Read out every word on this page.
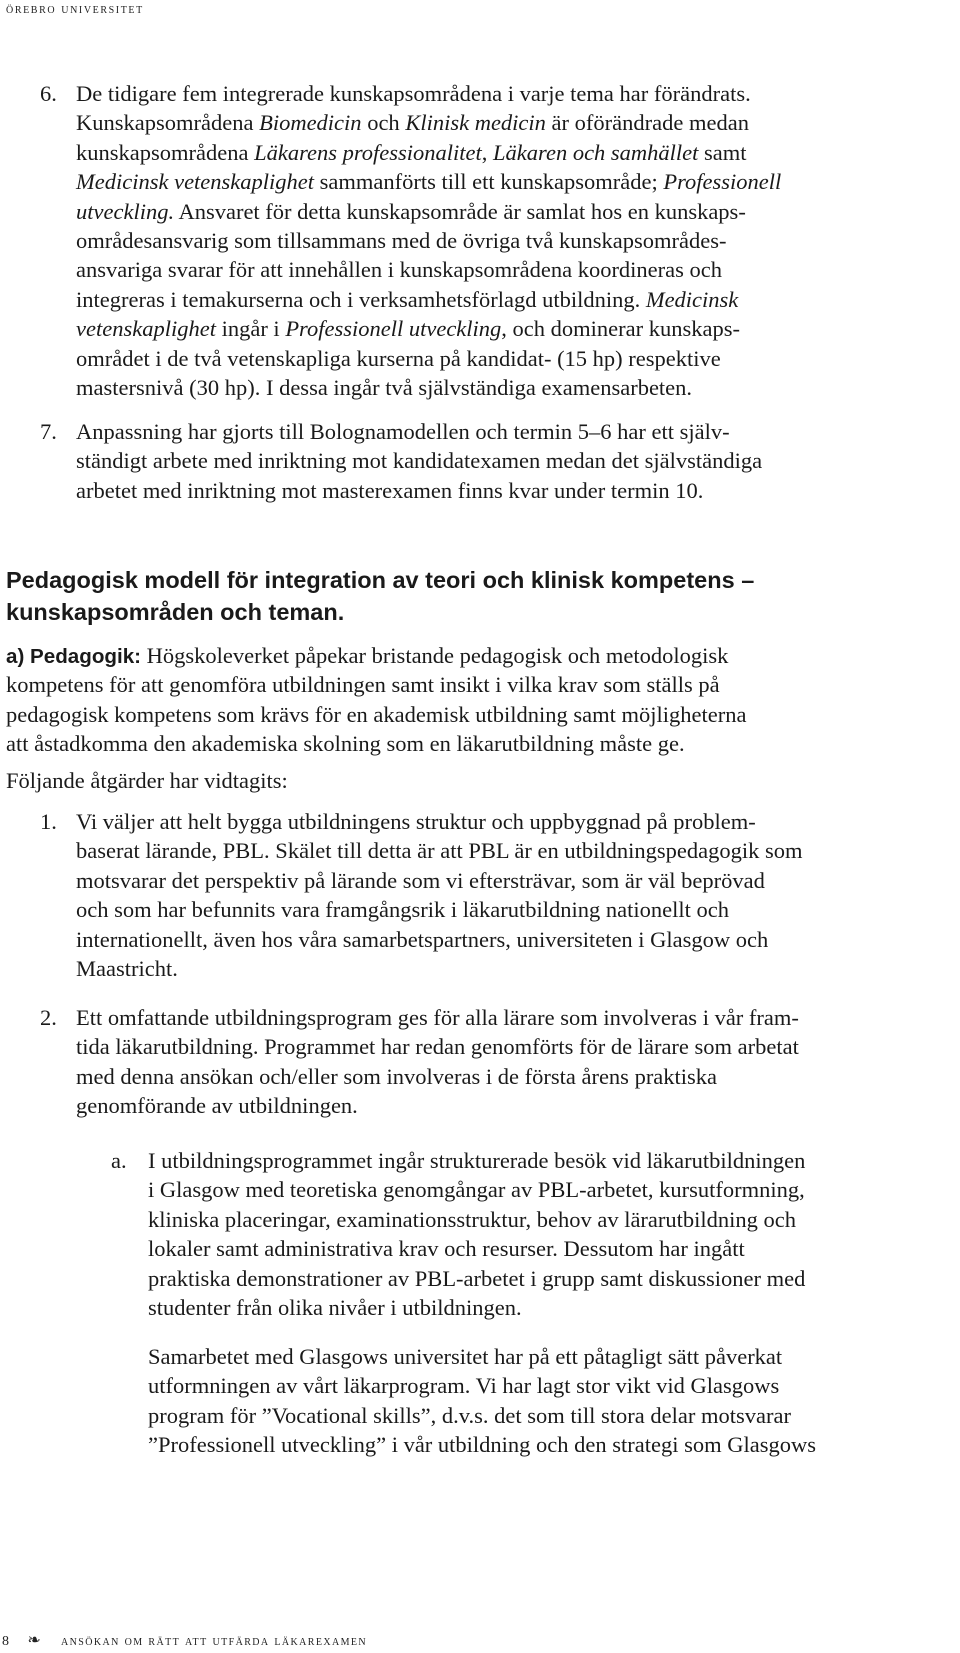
örebro universitet
6. De tidigare fem integrerade kunskapsområdena i varje tema har förändrats.
Kunskapsområdena Biomedicin och Klinisk medicin är oförändrade medan
kunskapsområdena Läkarens professionalitet, Läkaren och samhället samt
Medicinsk vetenskaplighet sammanförts till ett kunskapsområde; Professionell
utveckling. Ansvaret för detta kunskapsområde är samlat hos en kunskaps-
områdesansvarig som tillsammans med de övriga två kunskapsområdes-
ansvariga svarar för att innehållen i kunskapsområdena koordineras och
integreras i temakurserna och i verksamhetsförlagd utbildning. Medicinsk
vetenskaplighet ingår i Professionell utveckling, och dominerar kunskaps-
området i de två vetenskapliga kurserna på kandidat- (15 hp) respektive
mastersnivå (30 hp). I dessa ingår två självständiga examensarbeten.
7. Anpassning har gjorts till Bolognamodellen och termin 5–6 har ett själv-
ständigt arbete med inriktning mot kandidatexamen medan det självständiga
arbetet med inriktning mot masterexamen finns kvar under termin 10.
Pedagogisk modell för integration av teori och klinisk kompetens –
kunskapsområden och teman.
a) Pedagogik: Högskoleverket påpekar bristande pedagogisk och metodologisk
kompetens för att genomföra utbildningen samt insikt i vilka krav som ställs på
pedagogisk kompetens som krävs för en akademisk utbildning samt möjligheterna
att åstadkomma den akademiska skolning som en läkarutbildning måste ge.
Följande åtgärder har vidtagits:
1. Vi väljer att helt bygga utbildningens struktur och uppbyggnad på problem-
baserat lärande, PBL. Skälet till detta är att PBL är en utbildningspedagogik som
motsvarar det perspektiv på lärande som vi eftersträvar, som är väl beprövad
och som har befunnits vara framgångsrik i läkarutbildning nationellt och
internationellt, även hos våra samarbetspartners, universiteten i Glasgow och
Maastricht.
2. Ett omfattande utbildningsprogram ges för alla lärare som involveras i vår fram-
tida läkarutbildning. Programmet har redan genomförts för de lärare som arbetat
med denna ansökan och/eller som involveras i de första årens praktiska
genomförande av utbildningen.
a. I utbildningsprogrammet ingår strukturerade besök vid läkarutbildningen
i Glasgow med teoretiska genomgångar av PBL-arbetet, kursutformning,
kliniska placeringar, examinationsstruktur, behov av lärarutbildning och
lokaler samt administrativa krav och resurser. Dessutom har ingått
praktiska demonstrationer av PBL-arbetet i grupp samt diskussioner med
studenter från olika nivåer i utbildningen.
Samarbetet med Glasgows universitet har på ett påtagligt sätt påverkat
utformningen av vårt läkarprogram. Vi har lagt stor vikt vid Glasgows
program för ”Vocational skills”, d.v.s. det som till stora delar motsvarar
”Professionell utveckling” i vår utbildning och den strategi som Glasgows
8 ❧ ansökan om rätt att utfärda läkarexamen
